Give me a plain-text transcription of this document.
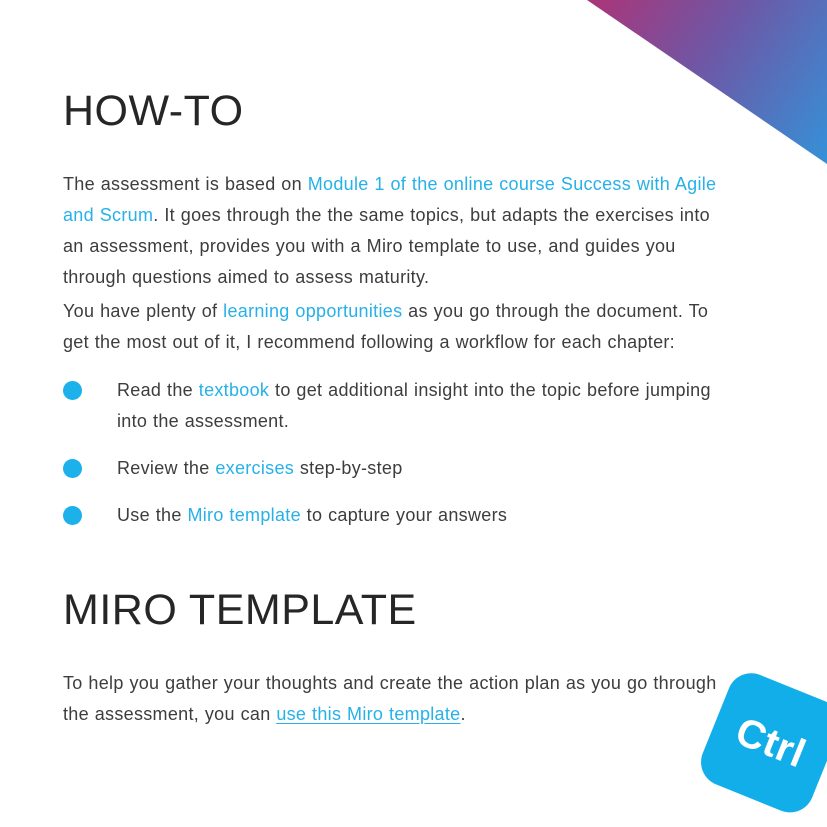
HOW-TO

The assessment is based on Module 1 of the online course Success with Agile and Scrum. It goes through the the same topics, but adapts the exercises into an assessment, provides you with a Miro template to use, and guides you through questions aimed to assess maturity.

You have plenty of learning opportunities as you go through the document. To get the most out of it, I recommend following a workflow for each chapter:

Read the textbook to get additional insight into the topic before jumping into the assessment.
Review the exercises step-by-step
Use the Miro template to capture your answers
MIRO TEMPLATE

To help you gather your thoughts and create the action plan as you go through the assessment, you can use this Miro template.	Ctrl
